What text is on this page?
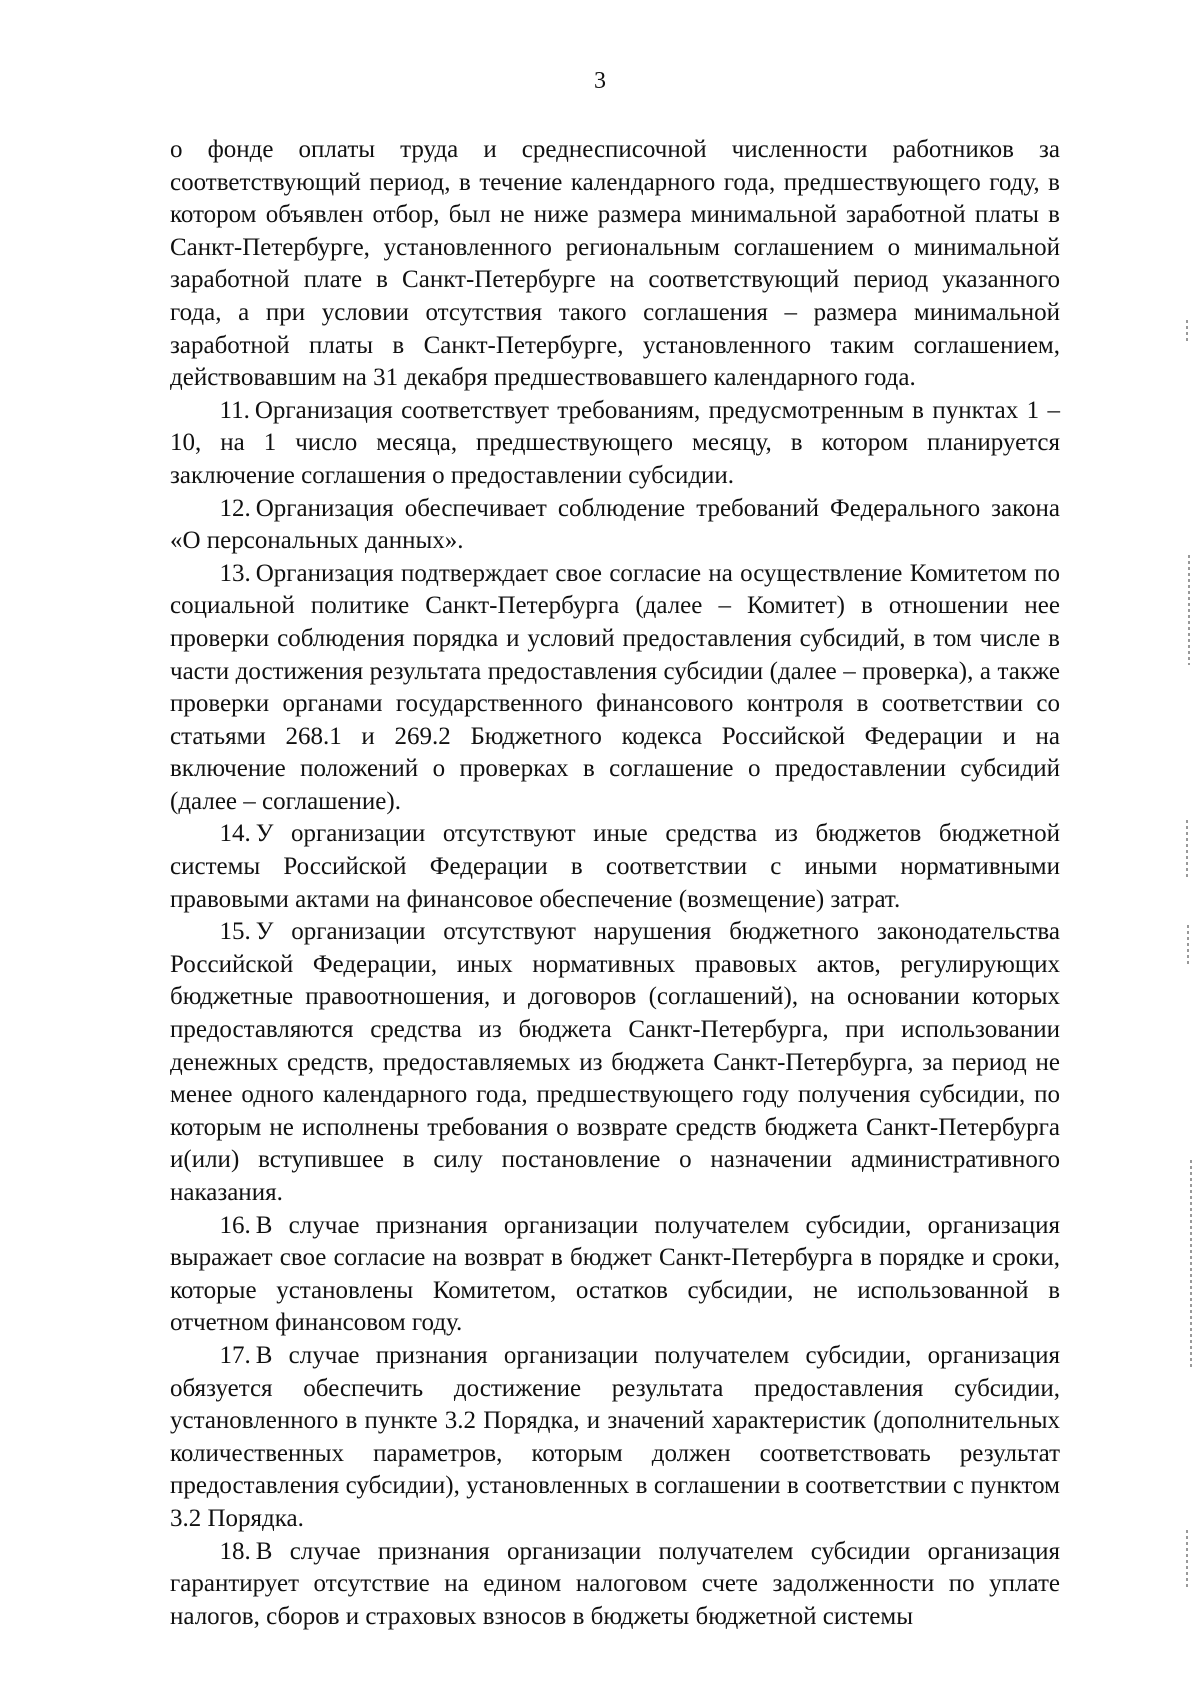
3

о фонде оплаты труда и среднесписочной численности работников за соответствующий период, в течение календарного года, предшествующего году, в котором объявлен отбор, был не ниже размера минимальной заработной платы в Санкт-Петербурге, установленного региональным соглашением о минимальной заработной плате в Санкт-Петербурге на соответствующий период указанного года, а при условии отсутствия такого соглашения – размера минимальной заработной платы в Санкт-Петербурге, установленного таким соглашением, действовавшим на 31 декабря предшествовавшего календарного года.

11. Организация соответствует требованиям, предусмотренным в пунктах 1 – 10, на 1 число месяца, предшествующего месяцу, в котором планируется заключение соглашения о предоставлении субсидии.

12. Организация обеспечивает соблюдение требований Федерального закона «О персональных данных».

13. Организация подтверждает свое согласие на осуществление Комитетом по социальной политике Санкт-Петербурга (далее – Комитет) в отношении нее проверки соблюдения порядка и условий предоставления субсидий, в том числе в части достижения результата предоставления субсидии (далее – проверка), а также проверки органами государственного финансового контроля в соответствии со статьями 268.1 и 269.2 Бюджетного кодекса Российской Федерации и на включение положений о проверках в соглашение о предоставлении субсидий (далее – соглашение).

14. У организации отсутствуют иные средства из бюджетов бюджетной системы Российской Федерации в соответствии с иными нормативными правовыми актами на финансовое обеспечение (возмещение) затрат.

15. У организации отсутствуют нарушения бюджетного законодательства Российской Федерации, иных нормативных правовых актов, регулирующих бюджетные правоотношения, и договоров (соглашений), на основании которых предоставляются средства из бюджета Санкт-Петербурга, при использовании денежных средств, предоставляемых из бюджета Санкт-Петербурга, за период не менее одного календарного года, предшествующего году получения субсидии, по которым не исполнены требования о возврате средств бюджета Санкт-Петербурга и(или) вступившее в силу постановление о назначении административного наказания.

16. В случае признания организации получателем субсидии, организация выражает свое согласие на возврат в бюджет Санкт-Петербурга в порядке и сроки, которые установлены Комитетом, остатков субсидии, не использованной в отчетном финансовом году.

17. В случае признания организации получателем субсидии, организация обязуется обеспечить достижение результата предоставления субсидии, установленного в пункте 3.2 Порядка, и значений характеристик (дополнительных количественных параметров, которым должен соответствовать результат предоставления субсидии), установленных в соглашении в соответствии с пунктом 3.2 Порядка.

18. В случае признания организации получателем субсидии организация гарантирует отсутствие на едином налоговом счете задолженности по уплате налогов, сборов и страховых взносов в бюджеты бюджетной системы
